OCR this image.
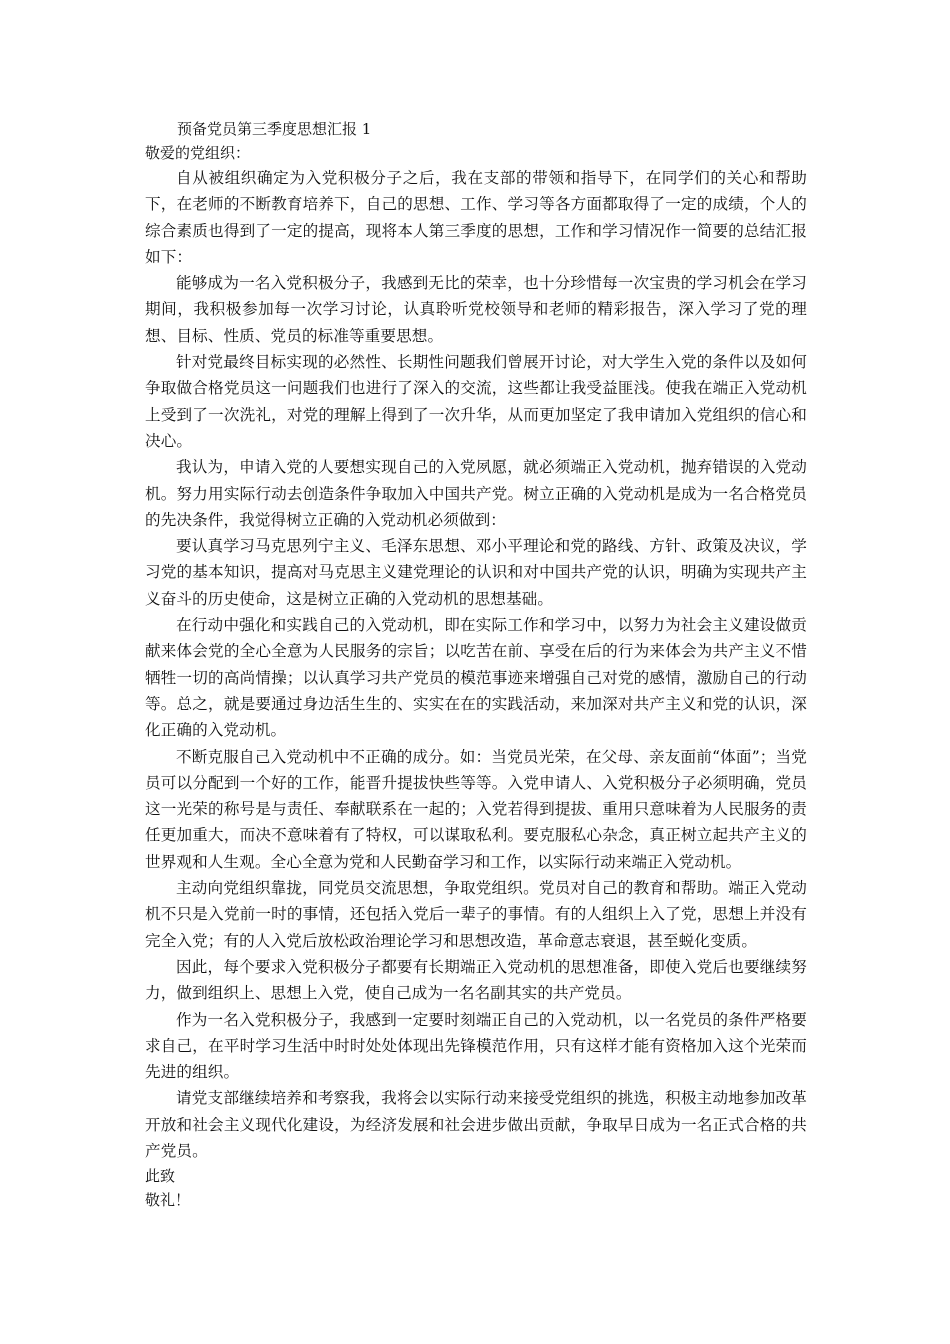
预备党员第三季度思想汇报 1

敬爱的党组织：

自从被组织确定为入党积极分子之后，我在支部的带领和指导下，在同学们的关心和帮助下，在老师的不断教育培养下，自己的思想、工作、学习等各方面都取得了一定的成绩，个人的综合素质也得到了一定的提高，现将本人第三季度的思想，工作和学习情况作一简要的总结汇报如下：

能够成为一名入党积极分子，我感到无比的荣幸，也十分珍惜每一次宝贵的学习机会在学习期间，我积极参加每一次学习讨论，认真聆听党校领导和老师的精彩报告，深入学习了党的理想、目标、性质、党员的标准等重要思想。

针对党最终目标实现的必然性、长期性问题我们曾展开讨论，对大学生入党的条件以及如何争取做合格党员这一问题我们也进行了深入的交流，这些都让我受益匪浅。使我在端正入党动机上受到了一次洗礼，对党的理解上得到了一次升华，从而更加坚定了我申请加入党组织的信心和决心。

我认为，申请入党的人要想实现自己的入党夙愿，就必须端正入党动机，抛弃错误的入党动机。努力用实际行动去创造条件争取加入中国共产党。树立正确的入党动机是成为一名合格党员的先决条件，我觉得树立正确的入党动机必须做到：

要认真学习马克思列宁主义、毛泽东思想、邓小平理论和党的路线、方针、政策及决议，学习党的基本知识，提高对马克思主义建党理论的认识和对中国共产党的认识，明确为实现共产主义奋斗的历史使命，这是树立正确的入党动机的思想基础。

在行动中强化和实践自己的入党动机，即在实际工作和学习中，以努力为社会主义建设做贡献来体会党的全心全意为人民服务的宗旨；以吃苦在前、享受在后的行为来体会为共产主义不惜牺牲一切的高尚情操；以认真学习共产党员的模范事迹来增强自己对党的感情，激励自己的行动等。总之，就是要通过身边活生生的、实实在在的实践活动，来加深对共产主义和党的认识，深化正确的入党动机。

不断克服自己入党动机中不正确的成分。如：当党员光荣，在父母、亲友面前“体面”；当党员可以分配到一个好的工作，能晋升提拔快些等等。入党申请人、入党积极分子必须明确，党员这一光荣的称号是与责任、奉献联系在一起的；入党若得到提拔、重用只意味着为人民服务的责任更加重大，而决不意味着有了特权，可以谋取私利。要克服私心杂念，真正树立起共产主义的世界观和人生观。全心全意为党和人民勤奋学习和工作，以实际行动来端正入党动机。

主动向党组织靠拢，同党员交流思想，争取党组织。党员对自己的教育和帮助。端正入党动机不只是入党前一时的事情，还包括入党后一辈子的事情。有的人组织上入了党，思想上并没有完全入党；有的人入党后放松政治理论学习和思想改造，革命意志衰退，甚至蜕化变质。

因此，每个要求入党积极分子都要有长期端正入党动机的思想准备，即使入党后也要继续努力，做到组织上、思想上入党，使自己成为一名名副其实的共产党员。

作为一名入党积极分子，我感到一定要时刻端正自己的入党动机，以一名党员的条件严格要求自己，在平时学习生活中时时处处体现出先锋模范作用，只有这样才能有资格加入这个光荣而先进的组织。

请党支部继续培养和考察我，我将会以实际行动来接受党组织的挑选，积极主动地参加改革开放和社会主义现代化建设，为经济发展和社会进步做出贡献，争取早日成为一名正式合格的共产党员。

此致

敬礼！
